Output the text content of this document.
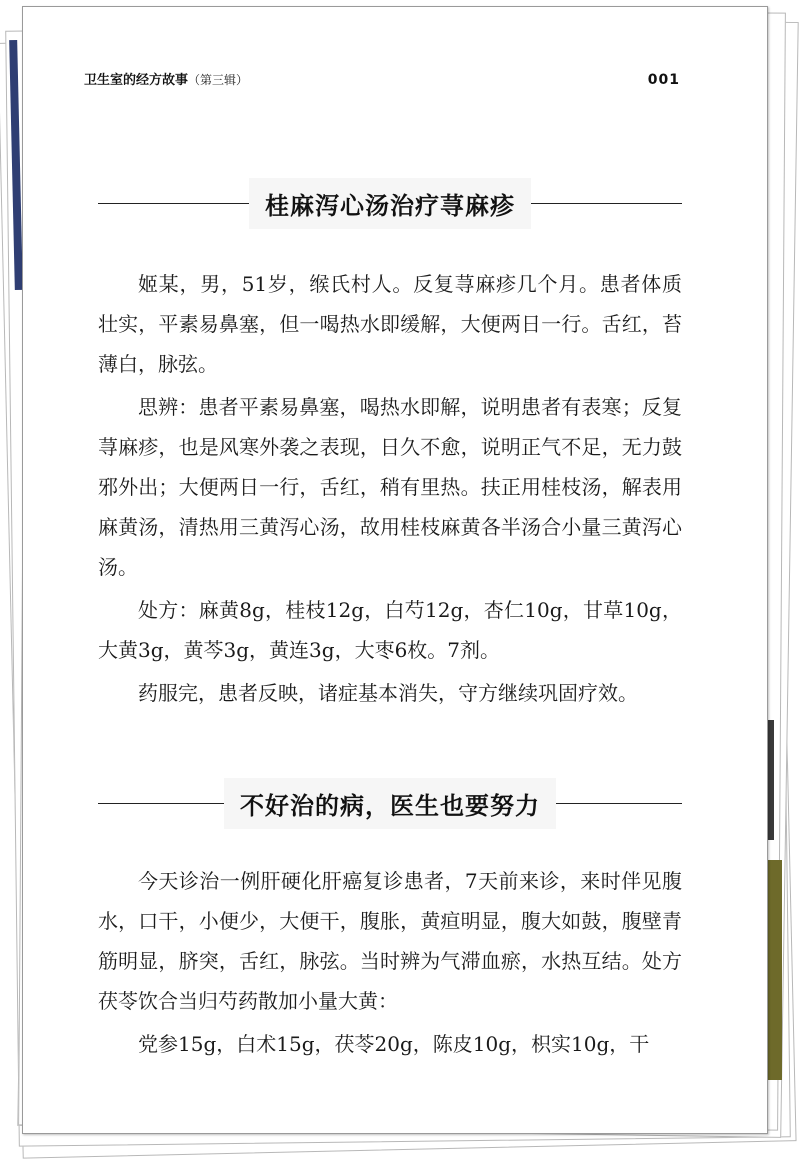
卫生室的经方故事（第三辑）	001
桂麻泻心汤治疗荨麻疹

姬某，男，51岁，缑氏村人。反复荨麻疹几个月。患者体质壮实，平素易鼻塞，但一喝热水即缓解，大便两日一行。舌红，苔薄白，脉弦。

思辨：患者平素易鼻塞，喝热水即解，说明患者有表寒；反复荨麻疹，也是风寒外袭之表现，日久不愈，说明正气不足，无力鼓邪外出；大便两日一行，舌红，稍有里热。扶正用桂枝汤，解表用麻黄汤，清热用三黄泻心汤，故用桂枝麻黄各半汤合小量三黄泻心汤。

处方：麻黄8g，桂枝12g，白芍12g，杏仁10g，甘草10g，大黄3g，黄芩3g，黄连3g，大枣6枚。7剂。

药服完，患者反映，诸症基本消失，守方继续巩固疗效。

不好治的病，医生也要努力

今天诊治一例肝硬化肝癌复诊患者，7天前来诊，来时伴见腹水，口干，小便少，大便干，腹胀，黄疸明显，腹大如鼓，腹壁青筋明显，脐突，舌红，脉弦。当时辨为气滞血瘀，水热互结。处方茯苓饮合当归芍药散加小量大黄：

党参15g，白术15g，茯苓20g，陈皮10g，枳实10g，干
